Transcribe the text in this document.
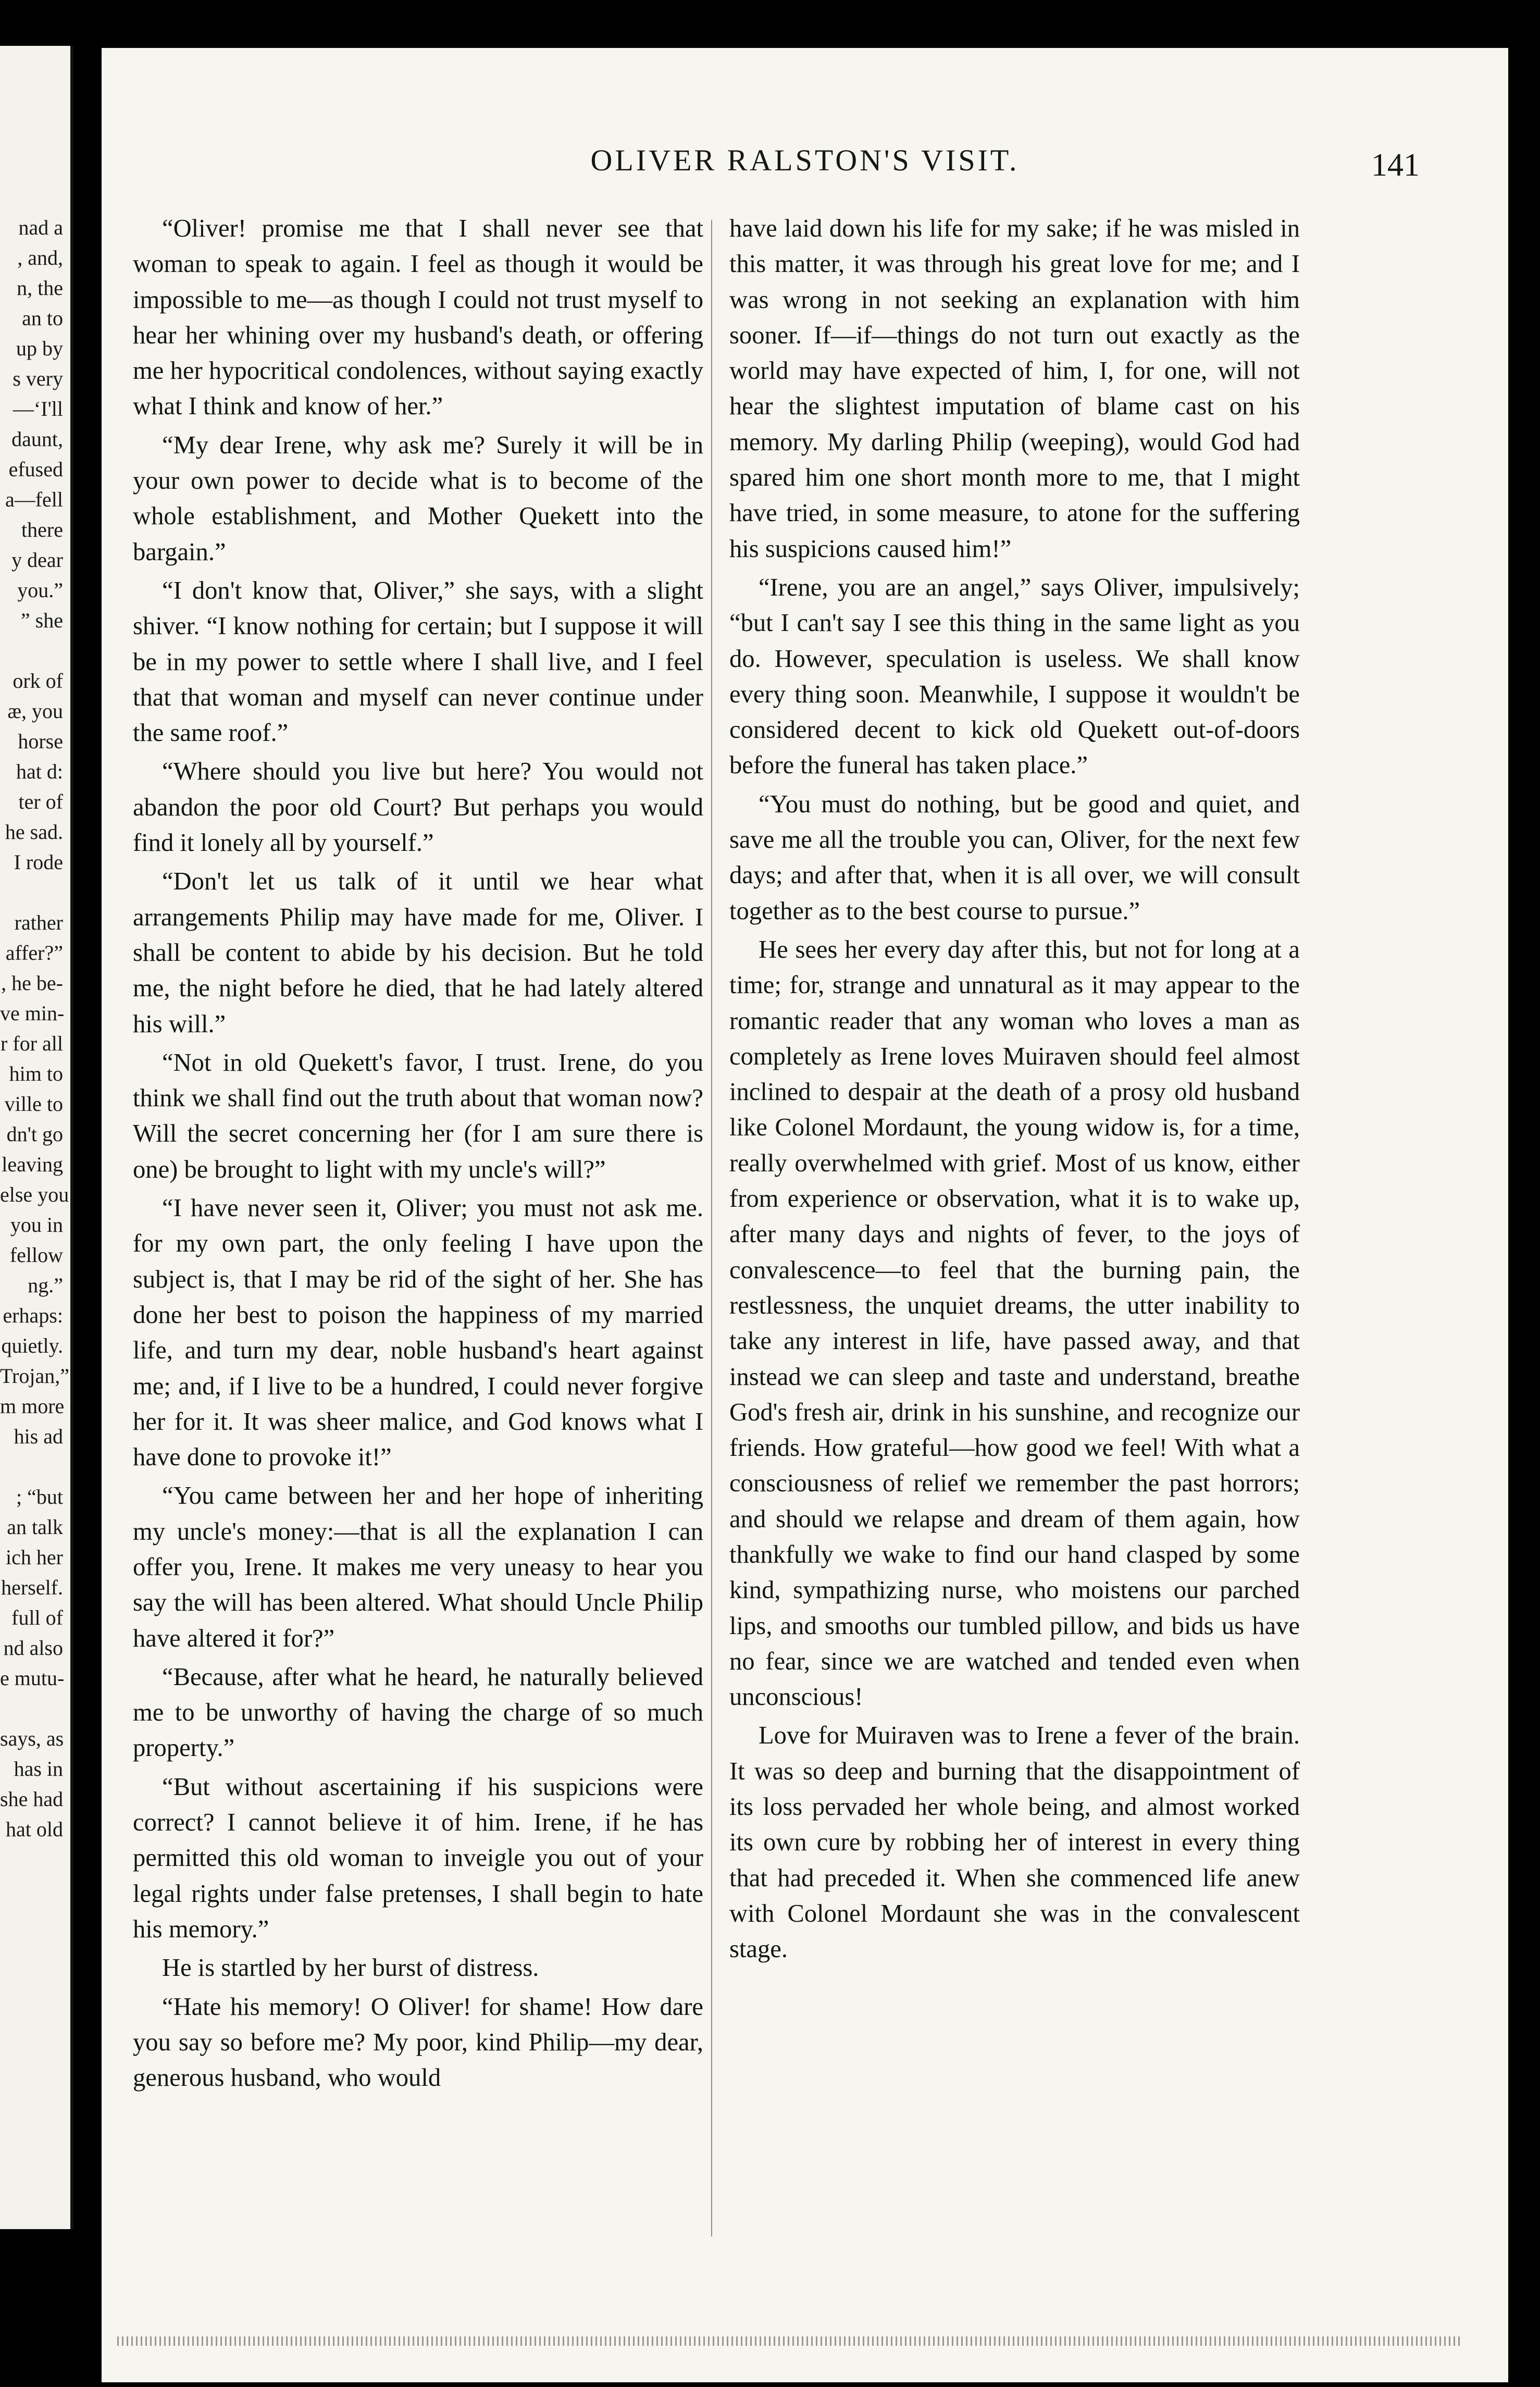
nad a
, and,
n, the
an to
up by
s very
—‘I'll
daunt,
efused
a—fell
there
y dear
you.”
” she

ork of
æ, you
horse
hat d:
ter of
he sad.
I rode

rather
affer?”
, he be-
ve min-
r for all
him to
ville to
dn't go
leaving
else you
you in
fellow
ng.”
erhaps:
quietly.
Trojan,”
m more
his ad

; “but
an talk
ich her
herself.
full of
nd also
e mutu-

says, as
has in
she had
hat old
OLIVER RALSTON'S VISIT.	141

“Oliver! promise me that I shall never see that woman to speak to again. I feel as though it would be impossible to me—as though I could not trust myself to hear her whining over my husband's death, or offering me her hypocritical condolences, without saying exactly what I think and know of her.”

“My dear Irene, why ask me? Surely it will be in your own power to decide what is to become of the whole establishment, and Mother Quekett into the bargain.”

“I don't know that, Oliver,” she says, with a slight shiver. “I know nothing for certain; but I suppose it will be in my power to settle where I shall live, and I feel that that woman and myself can never continue under the same roof.”

“Where should you live but here? You would not abandon the poor old Court? But perhaps you would find it lonely all by yourself.”

“Don't let us talk of it until we hear what arrangements Philip may have made for me, Oliver. I shall be content to abide by his decision. But he told me, the night before he died, that he had lately altered his will.”

“Not in old Quekett's favor, I trust. Irene, do you think we shall find out the truth about that woman now? Will the secret concerning her (for I am sure there is one) be brought to light with my uncle's will?”

“I have never seen it, Oliver; you must not ask me. for my own part, the only feeling I have upon the subject is, that I may be rid of the sight of her. She has done her best to poison the happiness of my married life, and turn my dear, noble husband's heart against me; and, if I live to be a hundred, I could never forgive her for it. It was sheer malice, and God knows what I have done to provoke it!”

“You came between her and her hope of inheriting my uncle's money:—that is all the explanation I can offer you, Irene. It makes me very uneasy to hear you say the will has been altered. What should Uncle Philip have altered it for?”

“Because, after what he heard, he naturally believed me to be unworthy of having the charge of so much property.”

“But without ascertaining if his suspicions were correct? I cannot believe it of him. Irene, if he has permitted this old woman to inveigle you out of your legal rights under false pretenses, I shall begin to hate his memory.”

He is startled by her burst of distress.

“Hate his memory! O Oliver! for shame! How dare you say so before me? My poor, kind Philip—my dear, generous husband, who would

have laid down his life for my sake; if he was misled in this matter, it was through his great love for me; and I was wrong in not seeking an explanation with him sooner. If—if—things do not turn out exactly as the world may have expected of him, I, for one, will not hear the slightest imputation of blame cast on his memory. My darling Philip (weeping), would God had spared him one short month more to me, that I might have tried, in some measure, to atone for the suffering his suspicions caused him!”

“Irene, you are an angel,” says Oliver, impulsively; “but I can't say I see this thing in the same light as you do. However, speculation is useless. We shall know every thing soon. Meanwhile, I suppose it wouldn't be considered decent to kick old Quekett out-of-doors before the funeral has taken place.”

“You must do nothing, but be good and quiet, and save me all the trouble you can, Oliver, for the next few days; and after that, when it is all over, we will consult together as to the best course to pursue.”

He sees her every day after this, but not for long at a time; for, strange and unnatural as it may appear to the romantic reader that any woman who loves a man as completely as Irene loves Muiraven should feel almost inclined to despair at the death of a prosy old husband like Colonel Mordaunt, the young widow is, for a time, really overwhelmed with grief. Most of us know, either from experience or observation, what it is to wake up, after many days and nights of fever, to the joys of convalescence—to feel that the burning pain, the restlessness, the unquiet dreams, the utter inability to take any interest in life, have passed away, and that instead we can sleep and taste and understand, breathe God's fresh air, drink in his sunshine, and recognize our friends. How grateful—how good we feel! With what a consciousness of relief we remember the past horrors; and should we relapse and dream of them again, how thankfully we wake to find our hand clasped by some kind, sympathizing nurse, who moistens our parched lips, and smooths our tumbled pillow, and bids us have no fear, since we are watched and tended even when unconscious!

Love for Muiraven was to Irene a fever of the brain. It was so deep and burning that the disappointment of its loss pervaded her whole being, and almost worked its own cure by robbing her of interest in every thing that had preceded it. When she commenced life anew with Colonel Mordaunt she was in the convalescent stage.
